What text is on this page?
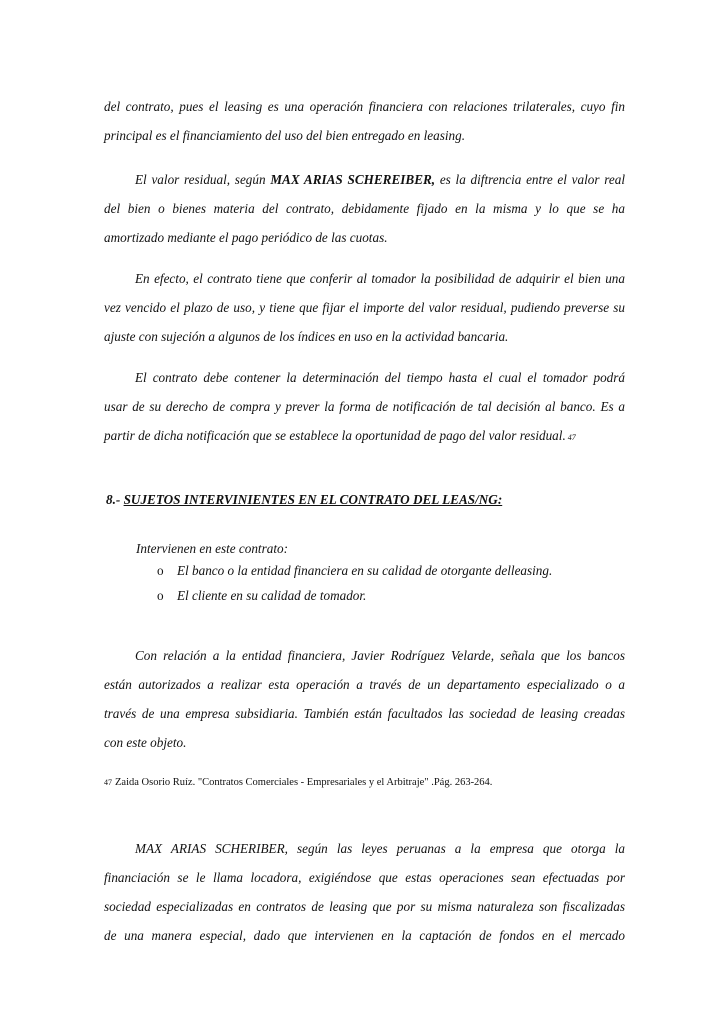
del contrato, pues el leasing es una operación financiera con relaciones trilaterales, cuyo fin
principal es el financiamiento del uso del bien entregado en leasing.
El valor residual, según MAX ARIAS SCHEREIBER, es la diftrencia entre el valor real
del bien o bienes materia del contrato, debidamente fijado en la misma y lo que se ha
amortizado mediante el pago periódico de las cuotas.
En efecto, el contrato tiene que conferir al tomador la posibilidad de adquirir el bien una
vez vencido el plazo de uso, y tiene que fijar el importe del valor residual, pudiendo preverse su
ajuste con sujeción a algunos de los índices en uso en la actividad bancaria.
El contrato debe contener la determinación del tiempo hasta el cual el tomador podrá
usar de su derecho de compra y prever la forma de notificación de tal decisión al banco. Es a
partir de dicha notificación que se establece la oportunidad de pago del valor residual. 47
8.- SUJETOS INTERVINIENTES EN EL CONTRATO DEL LEAS/NG:
Intervienen en este contrato:
o El banco o la entidad financiera en su calidad de otorgante delleasing.
o El cliente en su calidad de tomador.
Con relación a la entidad financiera, Javier Rodríguez Velarde, señala que los bancos
están autorizados a realizar esta operación a través de un departamento especializado o a
través de una empresa subsidiaria. También están facultados las sociedad de leasing creadas
con este objeto.
47 Zaida Osorio Ruíz. "Contratos Comerciales - Empresariales y el Arbitraje" .Pág. 263-264.
MAX ARIAS SCHERIBER, según las leyes peruanas a la empresa que otorga la
financiación se le llama locadora, exigiéndose que estas operaciones sean efectuadas por
sociedad especializadas en contratos de leasing que por su misma naturaleza son fiscalizadas
de una manera especial, dado que intervienen en la captación de fondos en el mercado
